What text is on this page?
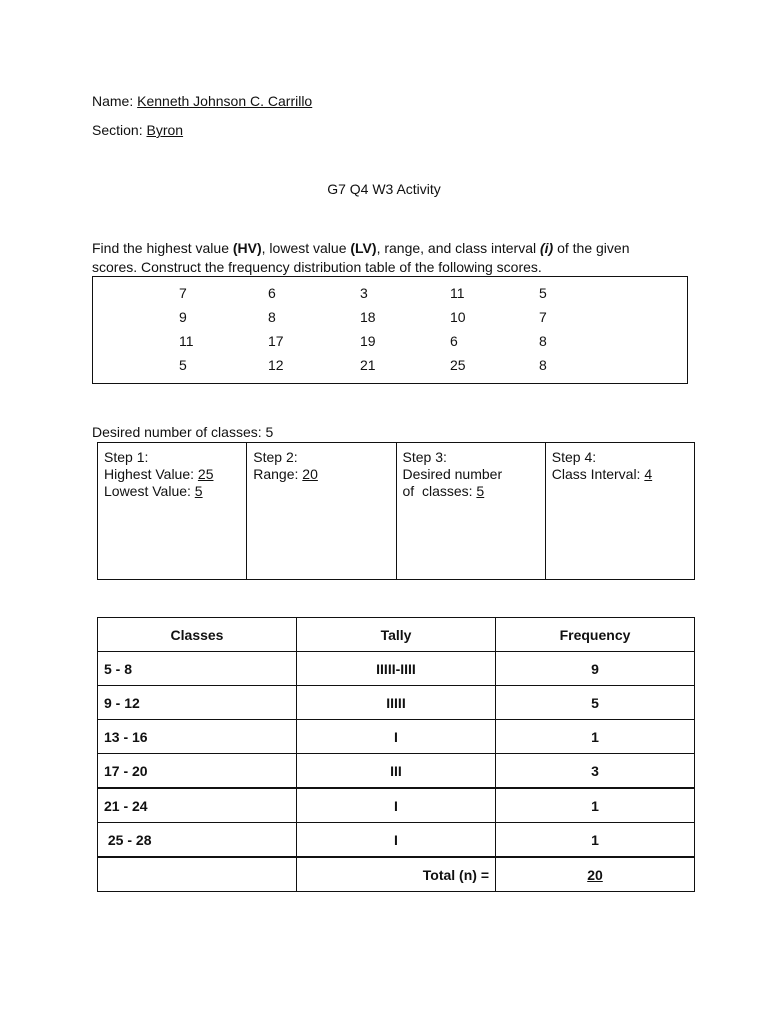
Name: Kenneth Johnson C. Carrillo
Section: Byron
G7 Q4 W3 Activity
Find the highest value (HV), lowest value (LV), range, and class interval (i) of the given
scores. Construct the frequency distribution table of the following scores.
7	6	3	11	5
9	8	18	10	7
11	17	19	6	8
5	12	21	25	8
Desired number of classes: 5
Step 1:
Highest Value: 25
Lowest Value: 5

Step 2:
Range: 20

Step 3:
Desired number
of  classes: 5

Step 4:
Class Interval: 4
Classes	Tally	Frequency
5 - 8	IIIII-IIII	9
9 - 12	IIIII	5
13 - 16	I	1
17 - 20	III	3
21 - 24	I	1
25 - 28	I	1
	Total (n) =	20
